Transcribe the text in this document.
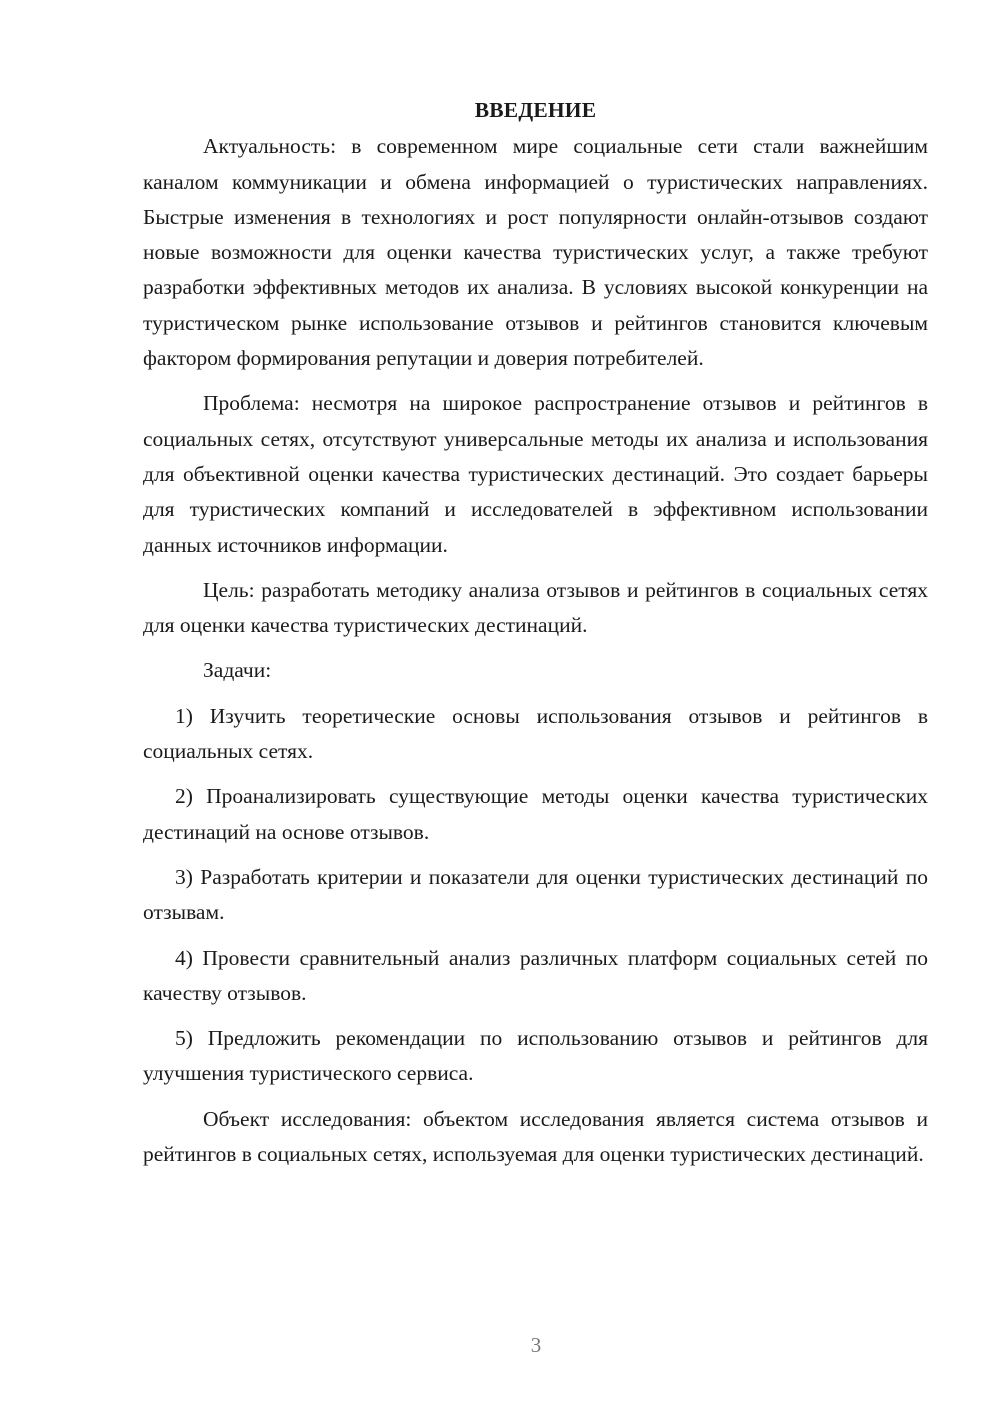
ВВЕДЕНИЕ

Актуальность: в современном мире социальные сети стали важнейшим каналом коммуникации и обмена информацией о туристических направлениях. Быстрые изменения в технологиях и рост популярности онлайн-отзывов создают новые возможности для оценки качества туристических услуг, а также требуют разработки эффективных методов их анализа. В условиях высокой конкуренции на туристическом рынке использование отзывов и рейтингов становится ключевым фактором формирования репутации и доверия потребителей.

Проблема: несмотря на широкое распространение отзывов и рейтингов в социальных сетях, отсутствуют универсальные методы их анализа и использования для объективной оценки качества туристических дестинаций. Это создает барьеры для туристических компаний и исследователей в эффективном использовании данных источников информации.

Цель: разработать методику анализа отзывов и рейтингов в социальных сетях для оценки качества туристических дестинаций.

Задачи:

1) Изучить теоретические основы использования отзывов и рейтингов в социальных сетях.

2) Проанализировать существующие методы оценки качества туристических дестинаций на основе отзывов.

3) Разработать критерии и показатели для оценки туристических дестинаций по отзывам.

4) Провести сравнительный анализ различных платформ социальных сетей по качеству отзывов.

5) Предложить рекомендации по использованию отзывов и рейтингов для улучшения туристического сервиса.

Объект исследования: объектом исследования является система отзывов и рейтингов в социальных сетях, используемая для оценки туристических дестинаций.

3
